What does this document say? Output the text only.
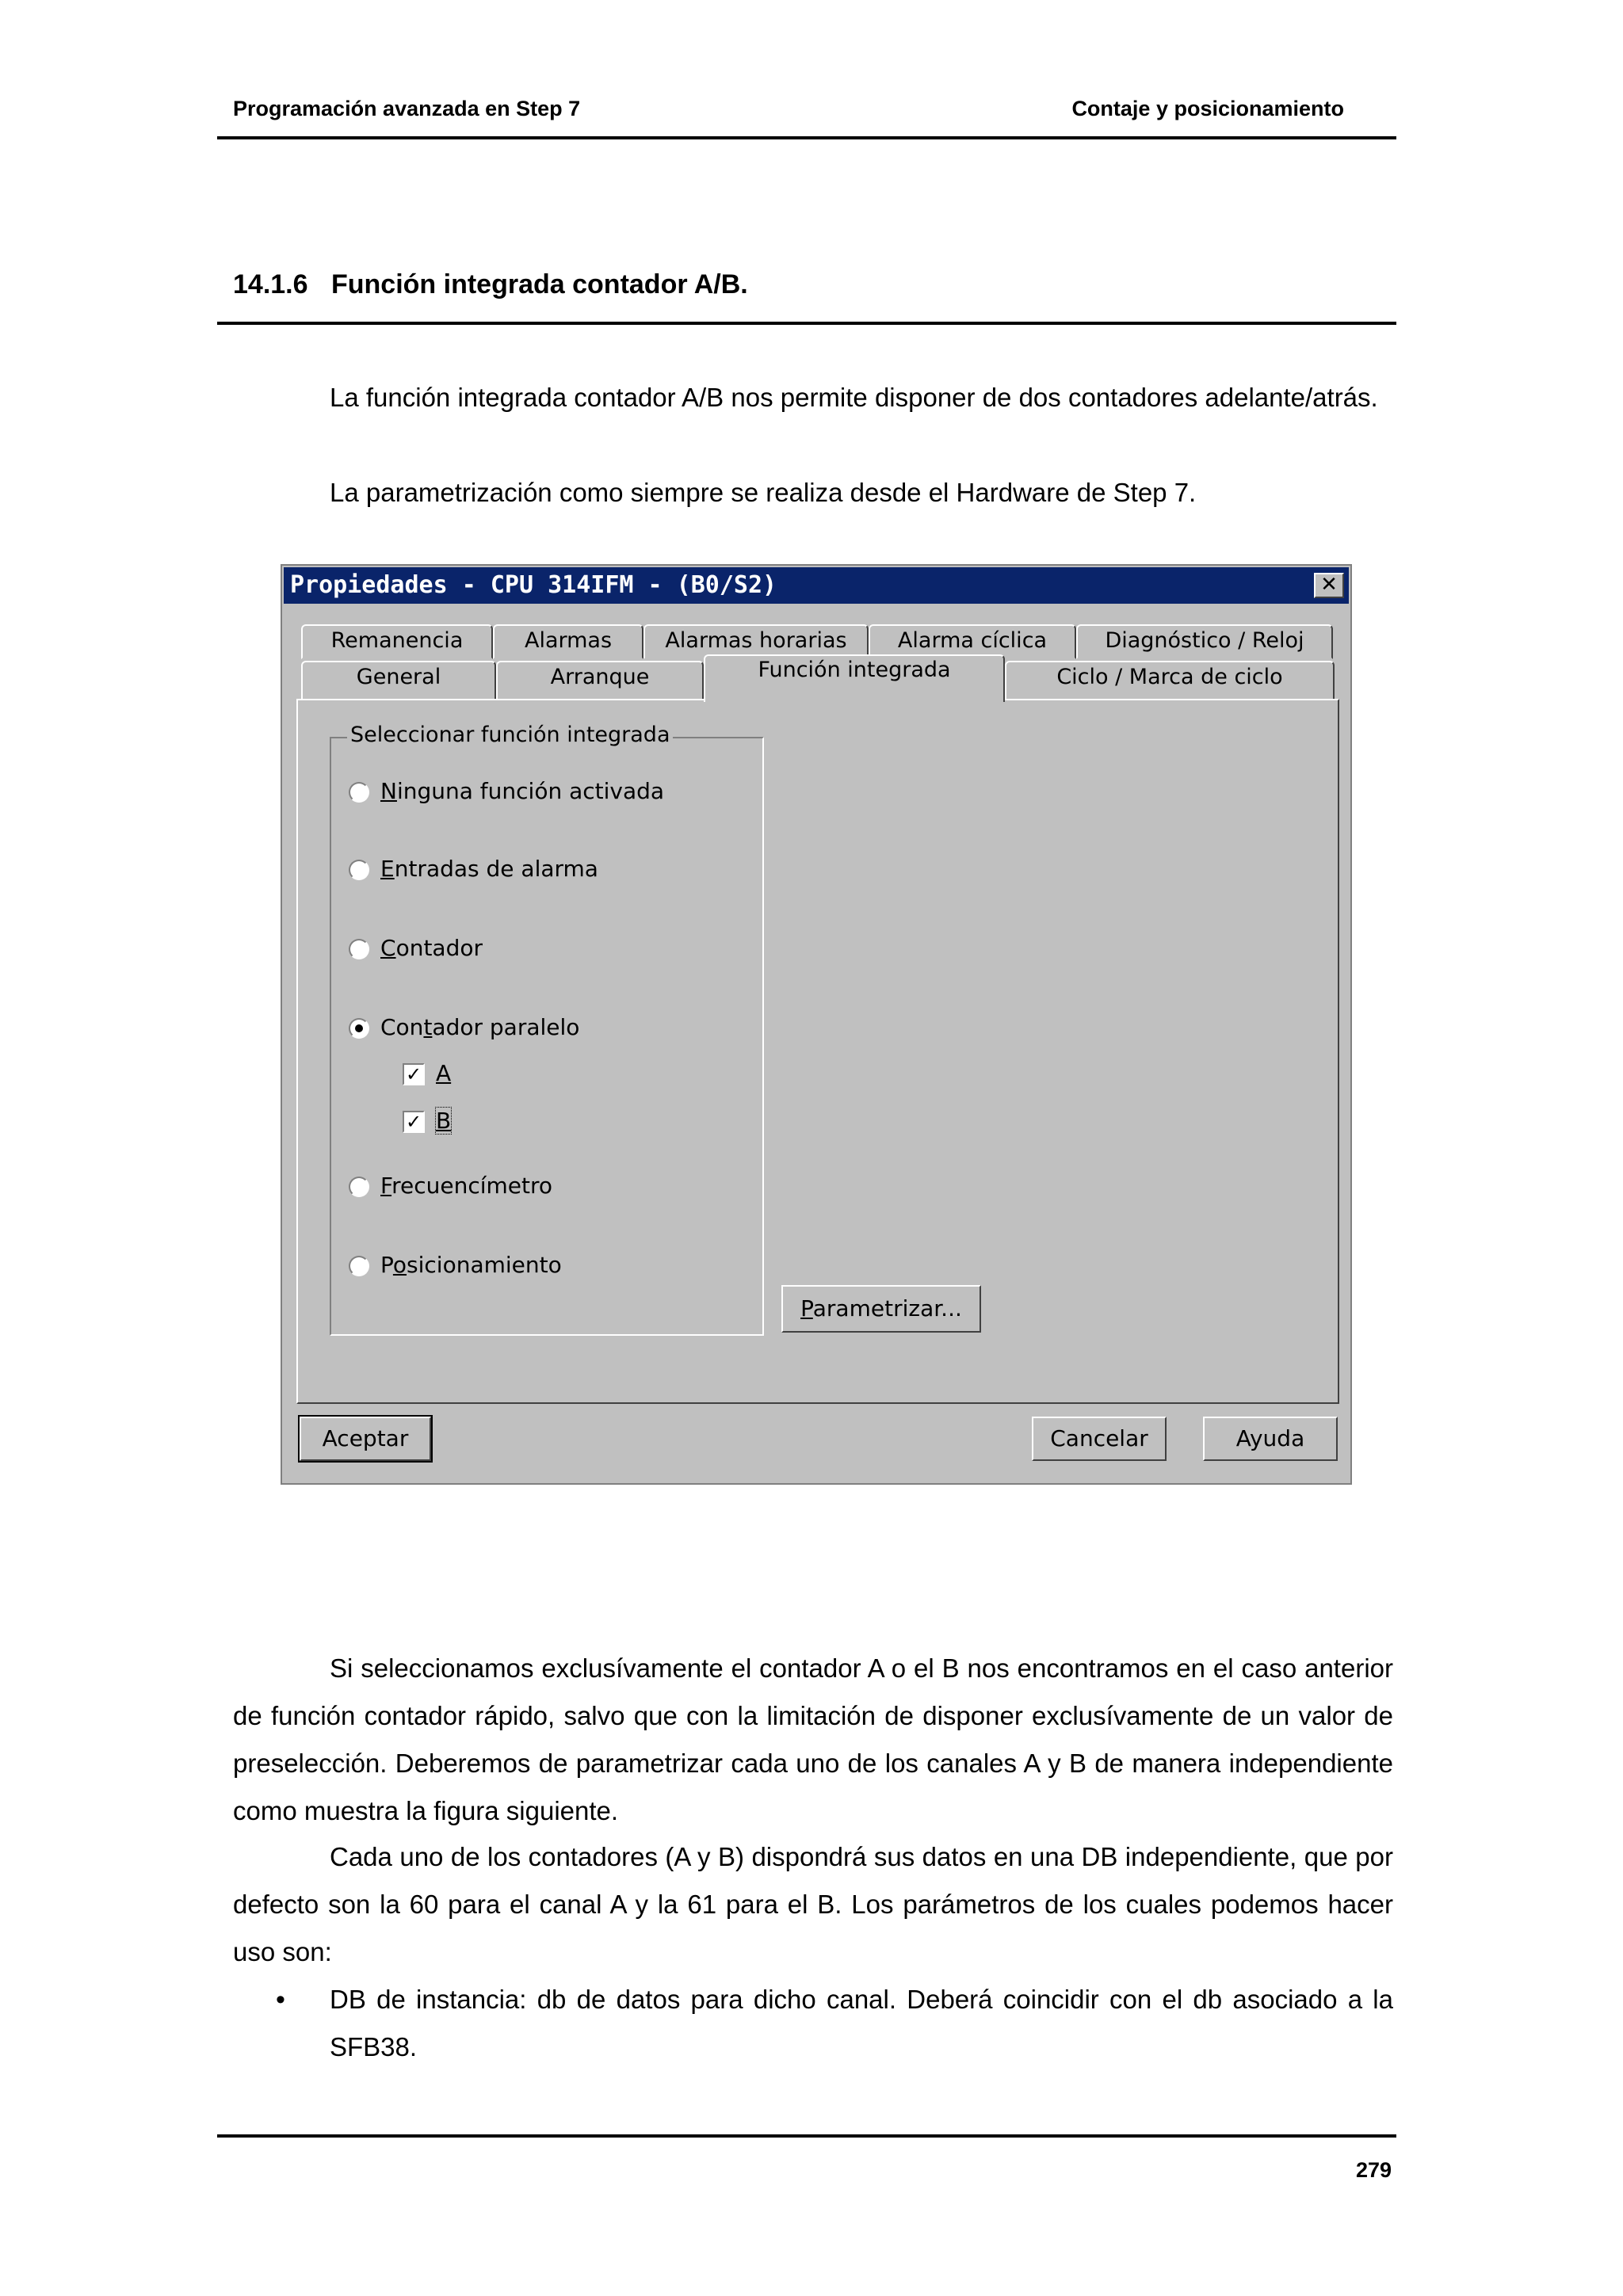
Programación avanzada en Step 7	Contaje y posicionamiento
14.1.6 Función integrada contador A/B.
La función integrada contador A/B nos permite disponer de dos contadores adelante/atrás.
La parametrización como siempre se realiza desde el Hardware de Step 7.
Propiedades - CPU 314IFM - (B0/S2)	✕
Remanencia	Alarmas	Alarmas horarias	Alarma cíclica	Diagnóstico / Reloj
General	Arranque	Función integrada	Ciclo / Marca de ciclo
Seleccionar función integrada
Ninguna función activada
Entradas de alarma
Contador
Contador paralelo
✓ A
✓ B
Frecuencímetro
Posicionamiento
Parametrizar...
Aceptar	Cancelar	Ayuda
Si seleccionamos exclusívamente el contador A o el B nos encontramos en el caso anterior de función contador rápido, salvo que con la limitación de disponer exclusívamente de un valor de preselección. Deberemos de parametrizar cada uno de los canales A y B de manera independiente como muestra la figura siguiente.
Cada uno de los contadores (A y B) dispondrá sus datos en una DB independiente, que por defecto son la 60 para el canal A y la 61 para el B. Los parámetros de los cuales podemos hacer uso son:
• DB de instancia: db de datos para dicho canal. Deberá coincidir con el db asociado a la SFB38.
279
